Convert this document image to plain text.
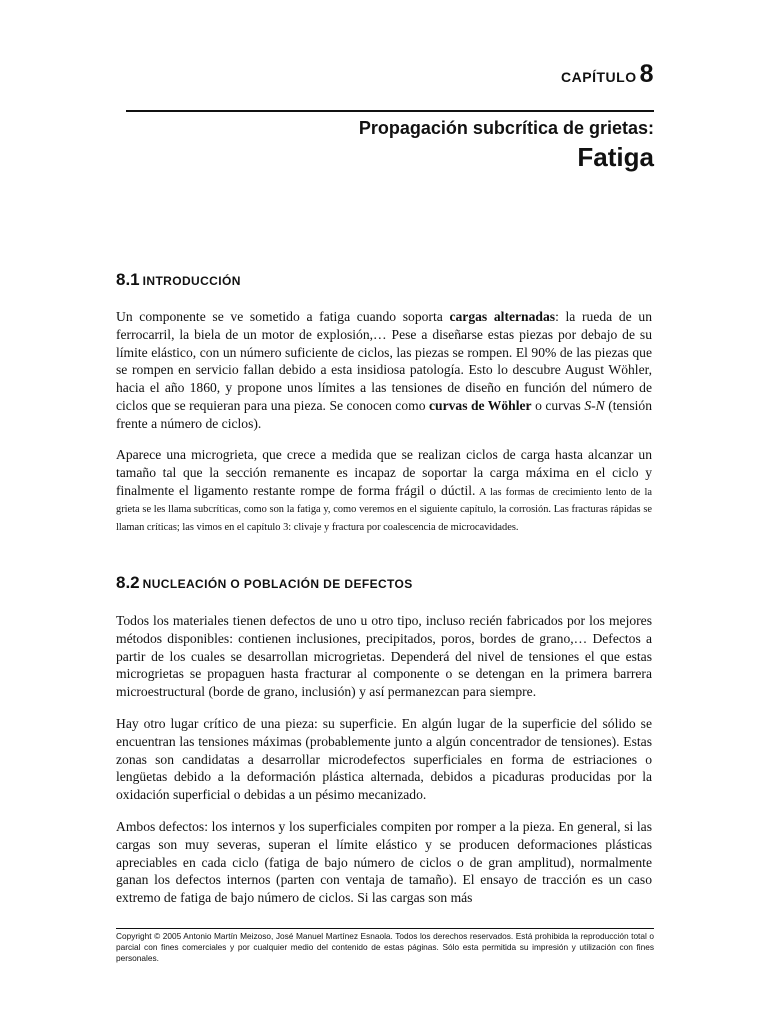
CAPÍTULO 8
Propagación subcrítica de grietas:
Fatiga
8.1 INTRODUCCIÓN

Un componente se ve sometido a fatiga cuando soporta cargas alternadas: la rueda de un ferrocarril, la biela de un motor de explosión,… Pese a diseñarse estas piezas por debajo de su límite elástico, con un número suficiente de ciclos, las piezas se rompen. El 90% de las piezas que se rompen en servicio fallan debido a esta insidiosa patología. Esto lo descubre August Wöhler, hacia el año 1860, y propone unos límites a las tensiones de diseño en función del número de ciclos que se requieran para una pieza. Se conocen como curvas de Wöhler o curvas S-N (tensión frente a número de ciclos).

Aparece una microgrieta, que crece a medida que se realizan ciclos de carga hasta alcanzar un tamaño tal que la sección remanente es incapaz de soportar la carga máxima en el ciclo y finalmente el ligamento restante rompe de forma frágil o dúctil. A las formas de crecimiento lento de la grieta se les llama subcríticas, como son la fatiga y, como veremos en el siguiente capítulo, la corrosión. Las fracturas rápidas se llaman críticas; las vimos en el capítulo 3: clivaje y fractura por coalescencia de microcavidades.

8.2 NUCLEACIÓN O POBLACIÓN DE DEFECTOS

Todos los materiales tienen defectos de uno u otro tipo, incluso recién fabricados por los mejores métodos disponibles: contienen inclusiones, precipitados, poros, bordes de grano,… Defectos a partir de los cuales se desarrollan microgrietas. Dependerá del nivel de tensiones el que estas microgrietas se propaguen hasta fracturar al componente o se detengan en la primera barrera microestructural (borde de grano, inclusión) y así permanezcan para siempre.

Hay otro lugar crítico de una pieza: su superficie. En algún lugar de la superficie del sólido se encuentran las tensiones máximas (probablemente junto a algún concentrador de tensiones). Estas zonas son candidatas a desarrollar microdefectos superficiales en forma de estriaciones o lengüetas debido a la deformación plástica alternada, debidos a picaduras producidas por la oxidación superficial o debidas a un pésimo mecanizado.

Ambos defectos: los internos y los superficiales compiten por romper a la pieza. En general, si las cargas son muy severas, superan el límite elástico y se producen deformaciones plásticas apreciables en cada ciclo (fatiga de bajo número de ciclos o de gran amplitud), normalmente ganan los defectos internos (parten con ventaja de tamaño). El ensayo de tracción es un caso extremo de fatiga de bajo número de ciclos. Si las cargas son más

Copyright © 2005 Antonio Martín Meizoso, José Manuel Martínez Esnaola. Todos los derechos reservados. Está prohibida la reproducción total o parcial con fines comerciales y por cualquier medio del contenido de estas páginas. Sólo esta permitida su impresión y utilización con fines personales.
